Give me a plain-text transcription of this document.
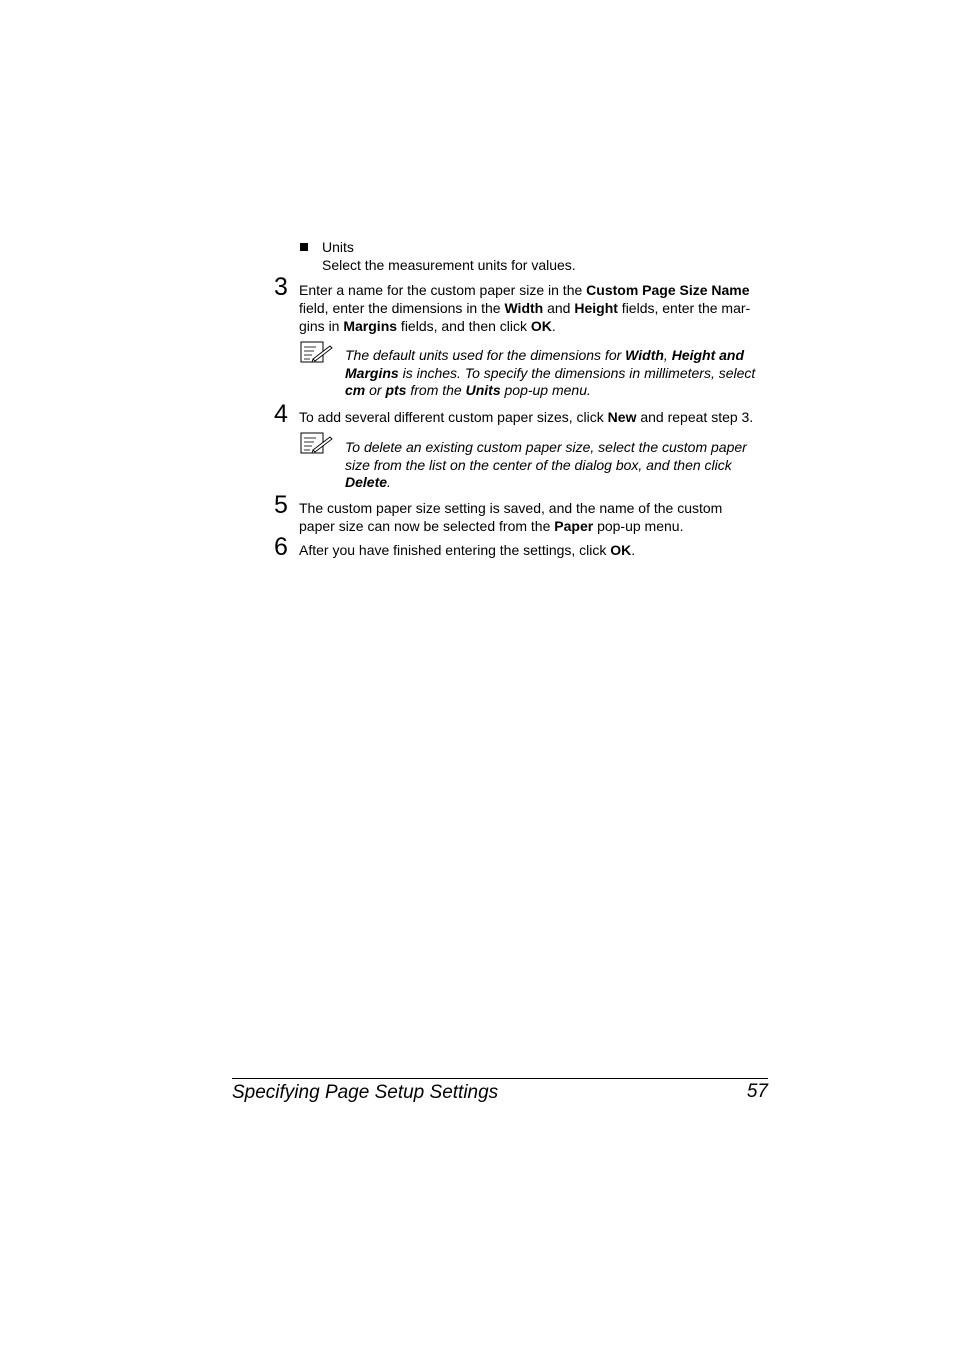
Units
Select the measurement units for values.
3 Enter a name for the custom paper size in the Custom Page Size Name
field, enter the dimensions in the Width and Height fields, enter the mar-
gins in Margins fields, and then click OK.
The default units used for the dimensions for Width, Height and
Margins is inches. To specify the dimensions in millimeters, select
cm or pts from the Units pop-up menu.
4 To add several different custom paper sizes, click New and repeat step 3.
To delete an existing custom paper size, select the custom paper
size from the list on the center of the dialog box, and then click
Delete.
5 The custom paper size setting is saved, and the name of the custom
paper size can now be selected from the Paper pop-up menu.
6 After you have finished entering the settings, click OK.
Specifying Page Setup Settings	57
